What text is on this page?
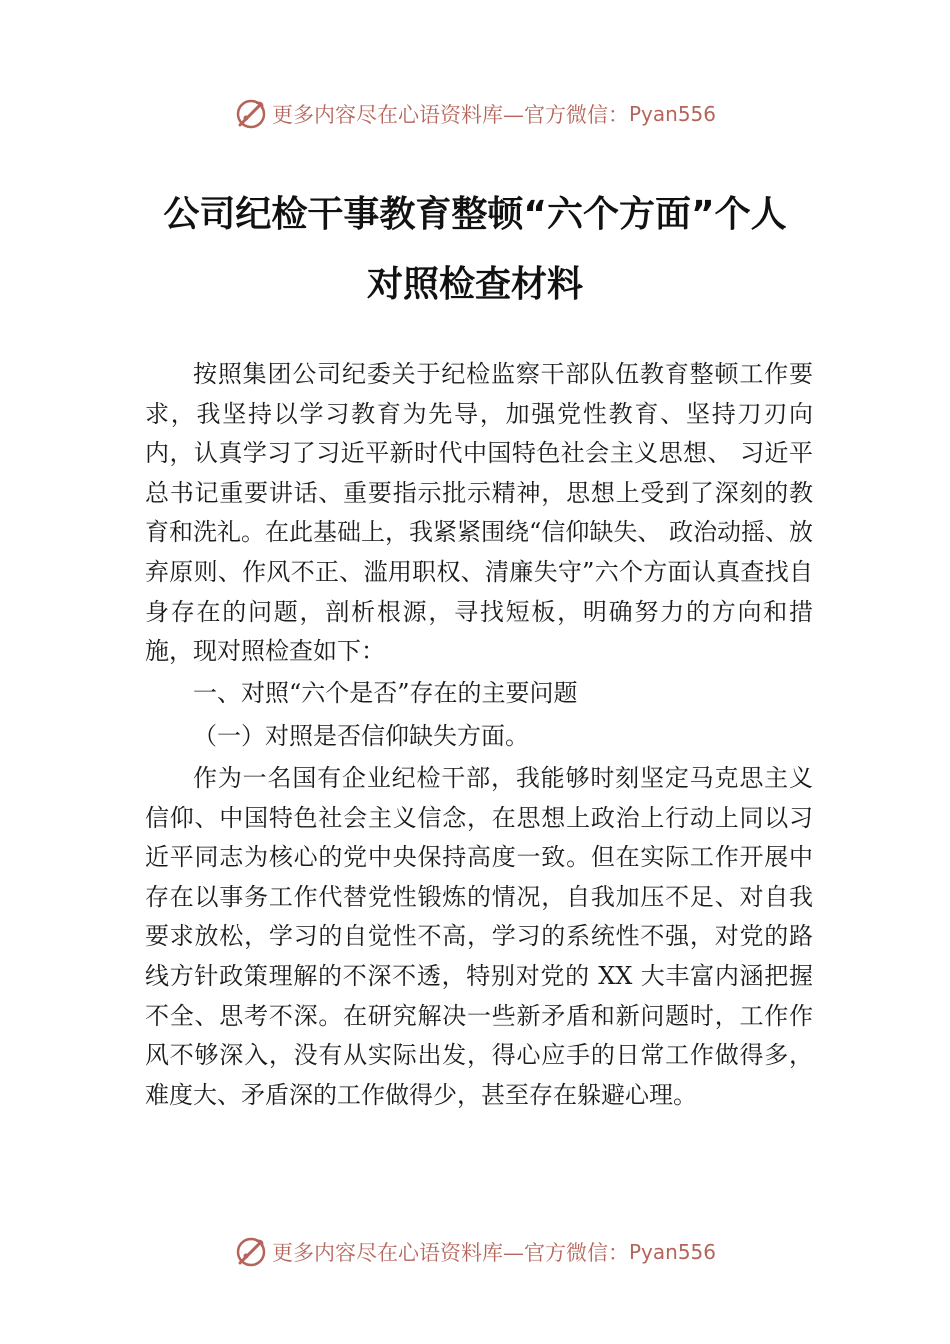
更多内容尽在心语资料库—官方微信： Pyan556
公司纪检干事教育整顿“六个方面”个人
对照检查材料

按照集团公司纪委关于纪检监察干部队伍教育整顿工作要求，我坚持以学习教育为先导，加强党性教育、坚持刀刃向内，认真学习了习近平新时代中国特色社会主义思想、 习近平总书记重要讲话、重要指示批示精神，思想上受到了深刻的教育和洗礼。在此基础上，我紧紧围绕“信仰缺失、 政治动摇、放弃原则、作风不正、滥用职权、清廉失守”六个方面认真查找自身存在的问题，剖析根源，寻找短板，明确努力的方向和措施，现对照检查如下：

一、对照“六个是否”存在的主要问题

（一）对照是否信仰缺失方面。

作为一名国有企业纪检干部，我能够时刻坚定马克思主义信仰、中国特色社会主义信念，在思想上政治上行动上同以习近平同志为核心的党中央保持高度一致。但在实际工作开展中存在以事务工作代替党性锻炼的情况，自我加压不足、对自我要求放松，学习的自觉性不高，学习的系统性不强，对党的路线方针政策理解的不深不透，特别对党的 XX 大丰富内涵把握不全、思考不深。在研究解决一些新矛盾和新问题时，工作作风不够深入，没有从实际出发，得心应手的日常工作做得多，难度大、矛盾深的工作做得少，甚至存在躲避心理。

更多内容尽在心语资料库—官方微信： Pyan556
